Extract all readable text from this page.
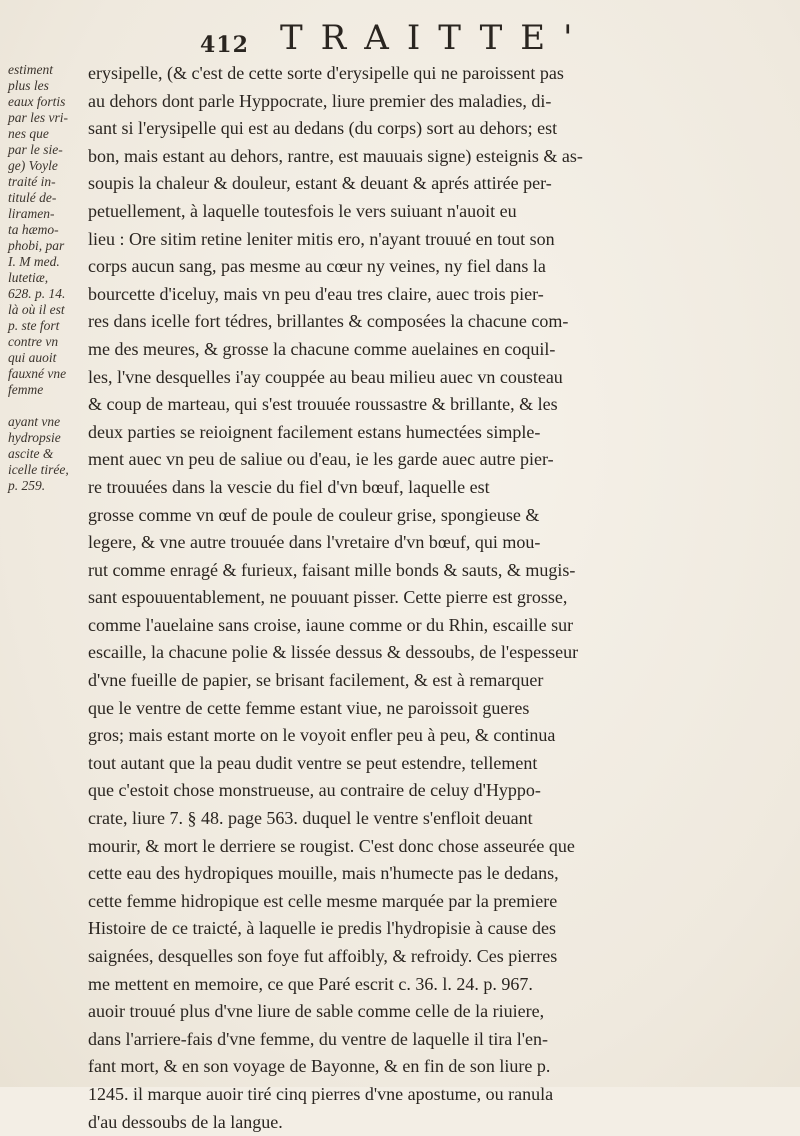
412 TRAITTE'
estiment
plus les
eaux fortis
par les vri-
nes que
par le sie-
ge) Voyle
traité in-
titulé de-
liramen-
ta hæmo-
phobi, par
I. M med.
lutetiæ,
628. p. 14.
là où il est
p. ste fort
contre vn
qui auoit
fauxné vne
femme
ayant vne
hydropsie
ascite &
icelle tirée,
p. 259.
erysipelle, (& c'est de cette sorte d'erysipelle qui ne paroissent pas
au dehors dont parle Hyppocrate, liure premier des maladies, di-
sant si l'erysipelle qui est au dedans (du corps) sort au dehors; est
bon, mais estant au dehors, rantre, est mauuais signe) esteignis & as-
soupis la chaleur & douleur, estant & deuant & aprés attirée per-
petuellement, à laquelle toutesfois le vers suiuant n'auoit eu
lieu : Ore sitim retine leniter mitis ero, n'ayant trouué en tout son
corps aucun sang, pas mesme au cœur ny veines, ny fiel dans la
bourcette d'iceluy, mais vn peu d'eau tres claire, auec trois pier-
res dans icelle fort tédres, brillantes & composées la chacune com-
me des meures, & grosse la chacune comme auelaines en coquil-
les, l'vne desquelles i'ay couppée au beau milieu auec vn cousteau
& coup de marteau, qui s'est trouuée roussastre & brillante, & les
deux parties se reioignent facilement estans humectées simple-
ment auec vn peu de saliue ou d'eau, ie les garde auec autre pier-
re trouuées dans la vescie du fiel d'vn bœuf, laquelle est
grosse comme vn œuf de poule de couleur grise, spongieuse &
legere, & vne autre trouuée dans l'vretaire d'vn bœuf, qui mou-
rut comme enragé & furieux, faisant mille bonds & sauts, & mugis-
sant espouuentablement, ne pouuant pisser. Cette pierre est grosse,
comme l'auelaine sans croise, iaune comme or du Rhin, escaille sur
escaille, la chacune polie & lissée dessus & dessoubs, de l'espesseur
d'vne fueille de papier, se brisant facilement, & est à remarquer
que le ventre de cette femme estant viue, ne paroissoit gueres
gros; mais estant morte on le voyoit enfler peu à peu, & continua
tout autant que la peau dudit ventre se peut estendre, tellement
que c'estoit chose monstrueuse, au contraire de celuy d'Hyppo-
crate, liure 7. § 48. page 563. duquel le ventre s'enfloit deuant
mourir, & mort le derriere se rougist. C'est donc chose asseurée que
cette eau des hydropiques mouille, mais n'humecte pas le dedans,
cette femme hidropique est celle mesme marquée par la premiere
Histoire de ce traicté, à laquelle ie predis l'hydropisie à cause des
saignées, desquelles son foye fut affoibly, & refroidy. Ces pierres
me mettent en memoire, ce que Paré escrit c. 36. l. 24. p. 967.
auoir trouué plus d'vne liure de sable comme celle de la riuiere,
dans l'arriere-fais d'vne femme, du ventre de laquelle il tira l'en-
fant mort, & en son voyage de Bayonne, & en fin de son liure p.
1245. il marque auoir tiré cinq pierres d'vne apostume, ou ranula
d'au dessoubs de la langue.
